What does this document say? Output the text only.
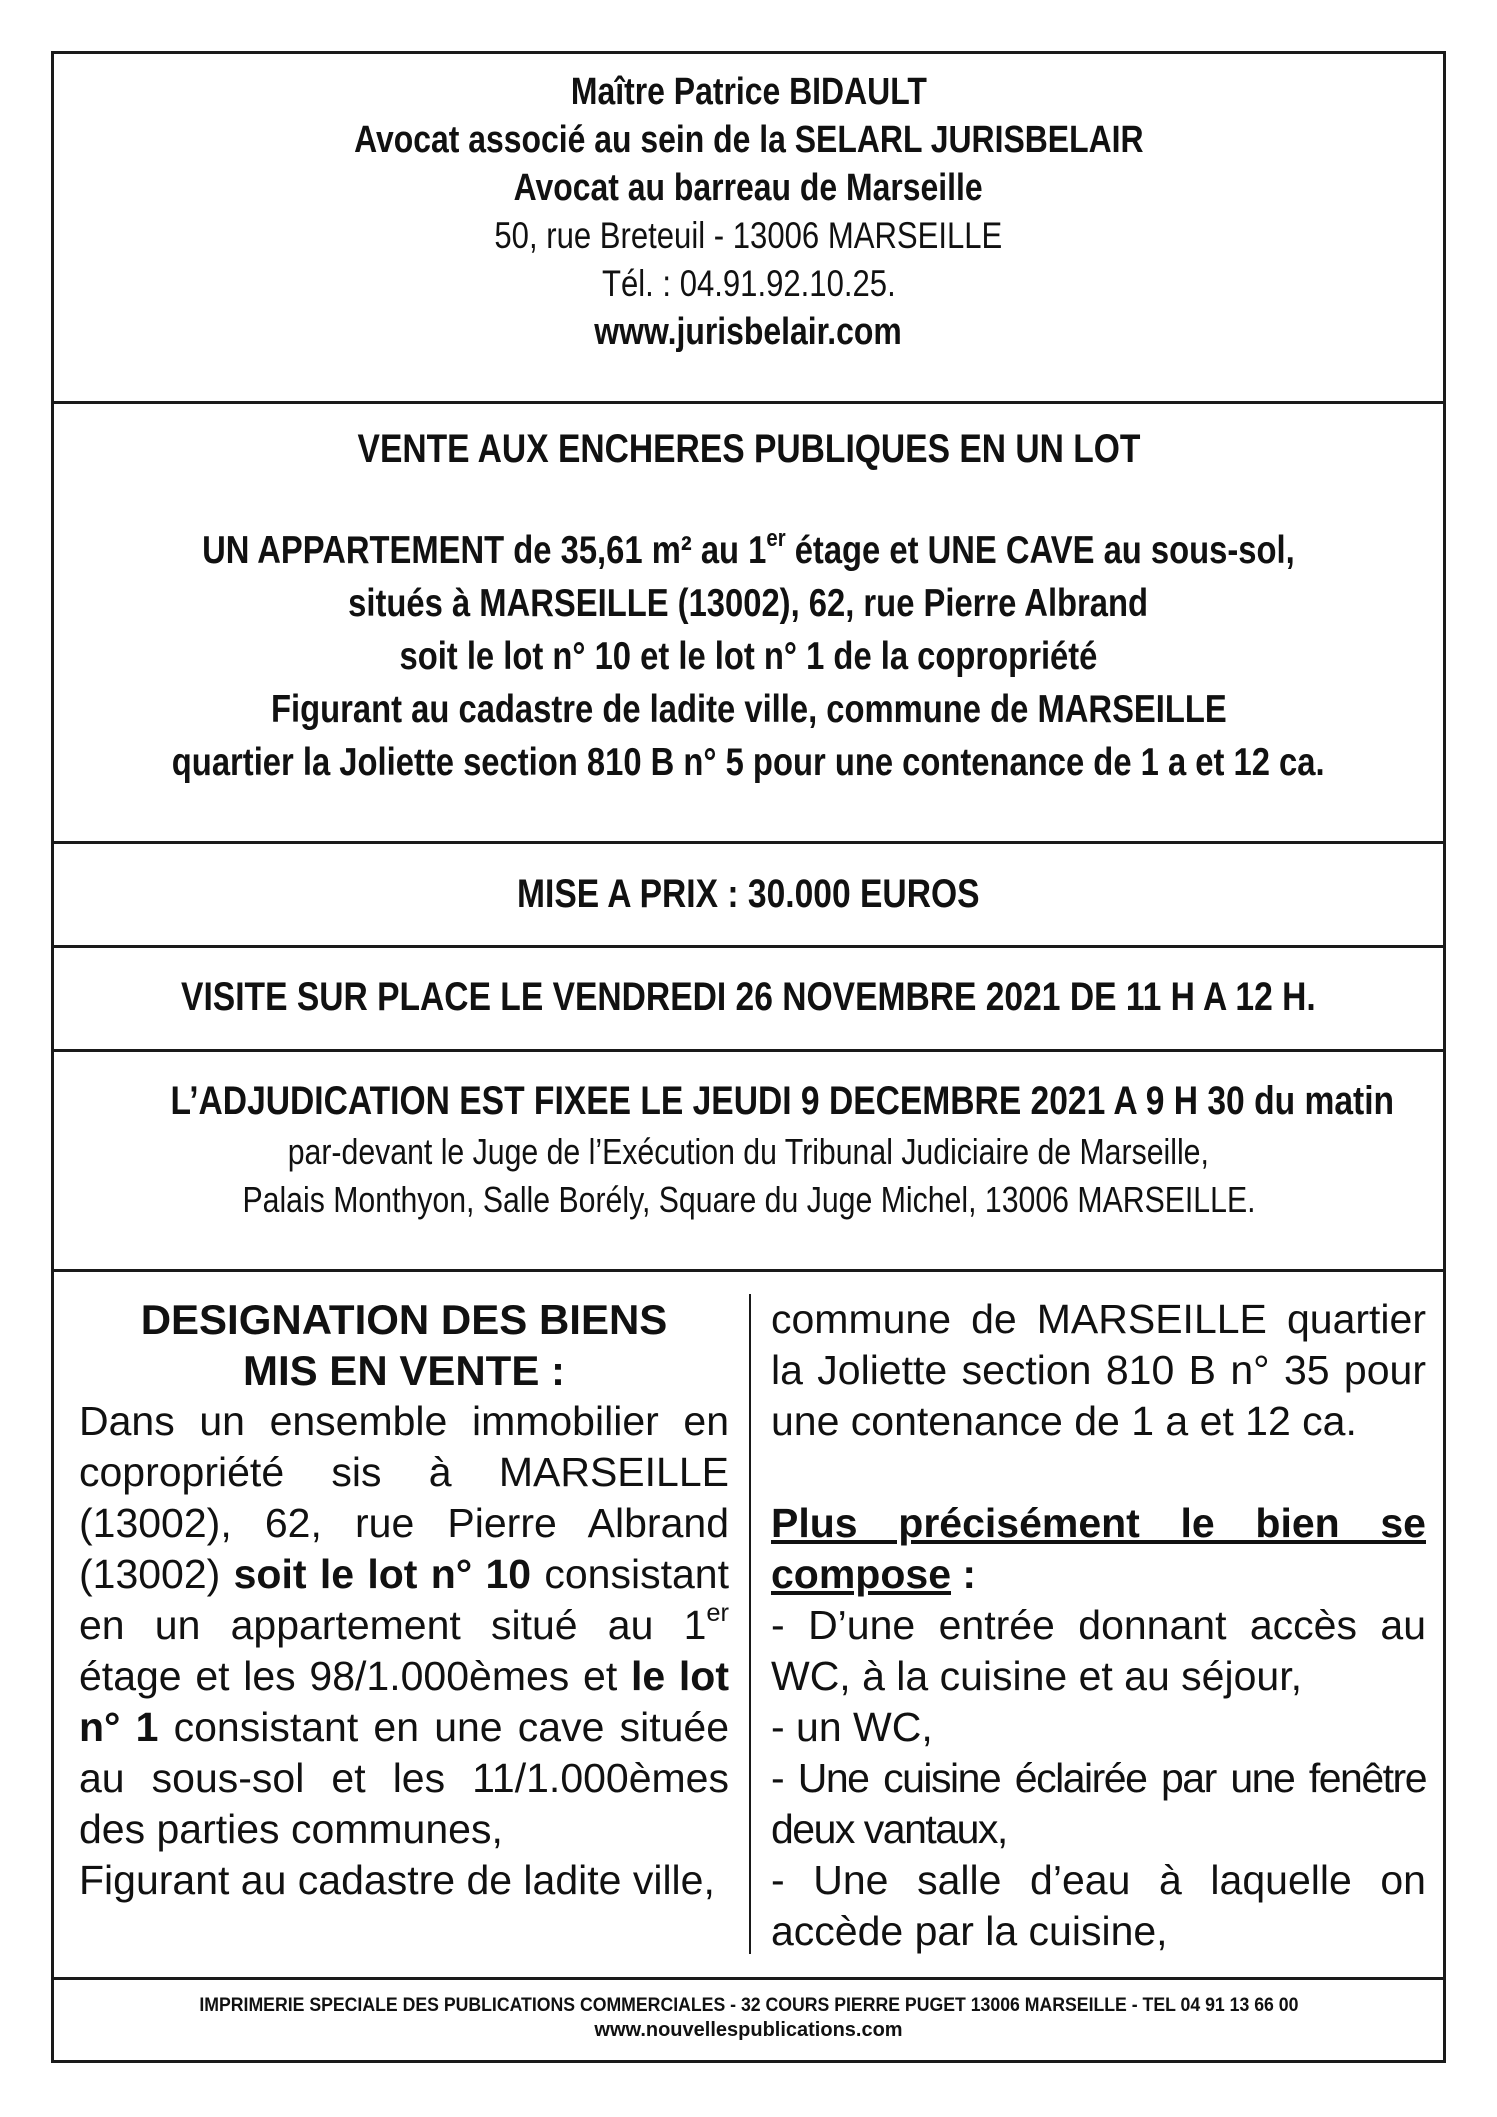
Maître Patrice BIDAULT
Avocat associé au sein de la SELARL JURISBELAIR
Avocat au barreau de Marseille
50, rue Breteuil - 13006 MARSEILLE
Tél. : 04.91.92.10.25.
www.jurisbelair.com
VENTE AUX ENCHERES PUBLIQUES EN UN LOT
UN APPARTEMENT de 35,61 m² au 1er étage et UNE CAVE au sous-sol,
situés à MARSEILLE (13002), 62, rue Pierre Albrand
soit le lot n° 10 et le lot n° 1 de la copropriété
Figurant au cadastre de ladite ville, commune de MARSEILLE
quartier la Joliette section 810 B n° 5 pour une contenance de 1 a et 12 ca.
MISE A PRIX : 30.000 EUROS
VISITE SUR PLACE LE VENDREDI 26 NOVEMBRE 2021 DE 11 H A 12 H.
L’ADJUDICATION EST FIXEE LE JEUDI 9 DECEMBRE 2021 A 9 H 30 du matin
par-devant le Juge de l’Exécution du Tribunal Judiciaire de Marseille,
Palais Monthyon, Salle Borély, Square du Juge Michel, 13006 MARSEILLE.
DESIGNATION DES BIENS
MIS EN VENTE :

Dans un ensemble immobilier en copropriété sis à MARSEILLE (13002), 62, rue Pierre Albrand (13002) soit le lot n° 10 consistant en un appartement situé au 1er étage et les 98/1.000èmes et le lot n° 1 consistant en une cave située au sous-sol et les 11/1.000èmes des parties communes,

Figurant au cadastre de ladite ville,

commune de MARSEILLE quartier la Joliette section 810 B n° 35 pour une contenance de 1 a et 12 ca.

Plus précisément le bien se compose :

- D’une entrée donnant accès au WC, à la cuisine et au séjour,

- un WC,

- Une cuisine éclairée par une fenêtre deux vantaux,

- Une salle d’eau à laquelle on accède par la cuisine,

IMPRIMERIE SPECIALE DES PUBLICATIONS COMMERCIALES - 32 COURS PIERRE PUGET 13006 MARSEILLE - TEL 04 91 13 66 00
www.nouvellespublications.com
